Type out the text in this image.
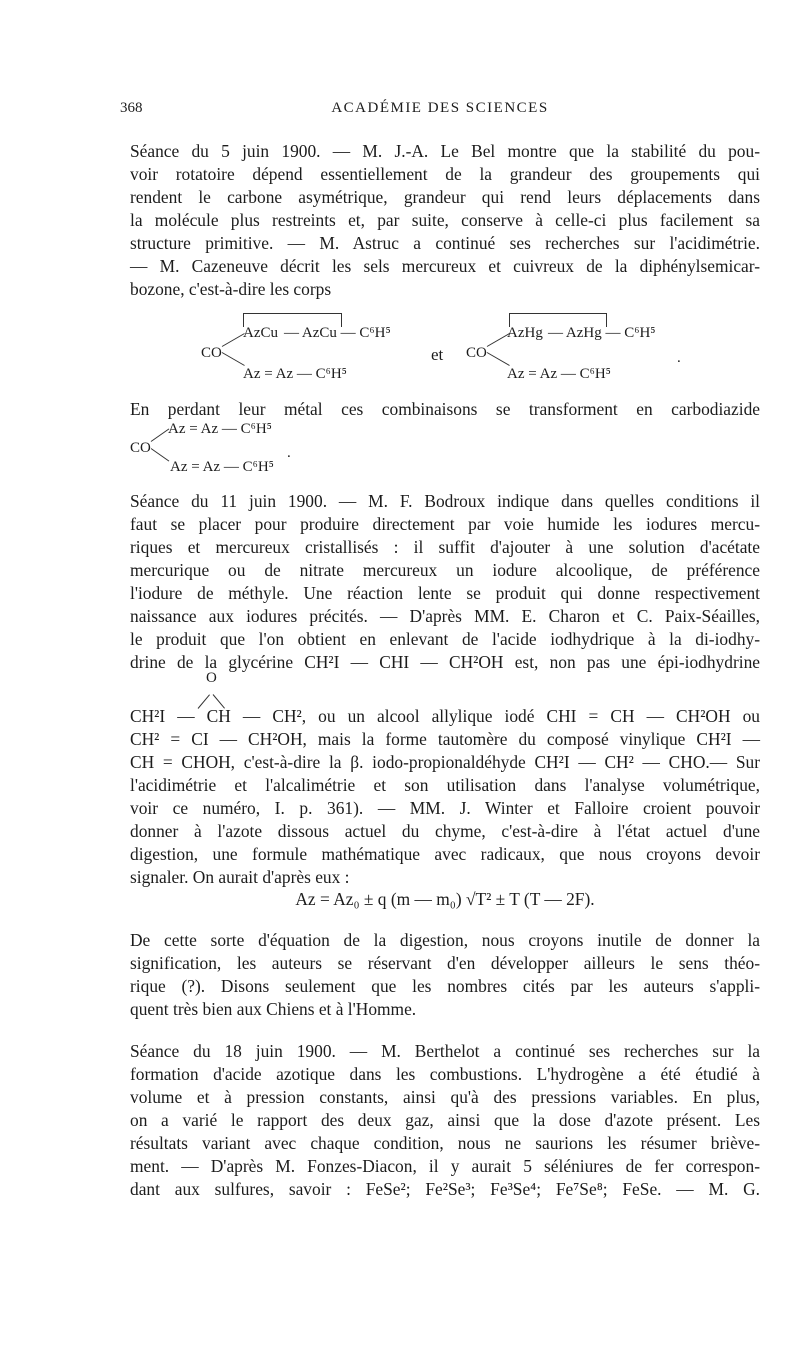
368	ACADÉMIE DES SCIENCES
Séance du 5 juin 1900. — M. J.-A. Le Bel montre que la stabilité du pou-
voir rotatoire dépend essentiellement de la grandeur des groupements qui
rendent le carbone asymétrique, grandeur qui rend leurs déplacements dans
la molécule plus restreints et, par suite, conserve à celle-ci plus facilement sa
structure primitive. — M. Astruc a continué ses recherches sur l'acidimétrie.
— M. Cazeneuve décrit les sels mercureux et cuivreux de la diphénylsemicar-
bozone, c'est-à-dire les corps
CO
AzCu — AzCu — C⁶H⁵
Az = Az — C⁶H⁵
et CO
AzHg — AzHg — C⁶H⁵
Az = Az — C⁶H⁵
.
En perdant leur métal ces combinaisons se transforment en carbodiazide
CO
Az = Az — C⁶H⁵
Az = Az — C⁶H⁵
.
Séance du 11 juin 1900. — M. F. Bodroux indique dans quelles conditions il
faut se placer pour produire directement par voie humide les iodures mercu-
riques et mercureux cristallisés : il suffit d'ajouter à une solution d'acétate
mercurique ou de nitrate mercureux un iodure alcoolique, de préférence
l'iodure de méthyle. Une réaction lente se produit qui donne respectivement
naissance aux iodures précités. — D'après MM. E. Charon et C. Paix-Séailles,
le produit que l'on obtient en enlevant de l'acide iodhydrique à la di-iodhy-
drine de la glycérine CH²I — CHI — CH²OH est, non pas une épi-iodhydrine
O
CH²I — CH — CH², ou un alcool allylique iodé CHI = CH — CH²OH ou
CH² = CI — CH²OH, mais la forme tautomère du composé vinylique CH²I —
CH = CHOH, c'est-à-dire la β. iodo-propionaldéhyde CH²I — CH² — CHO.— Sur
l'acidimétrie et l'alcalimétrie et son utilisation dans l'analyse volumétrique,
voir ce numéro, I. p. 361). — MM. J. Winter et Falloire croient pouvoir
donner à l'azote dissous actuel du chyme, c'est-à-dire à l'état actuel d'une
digestion, une formule mathématique avec radicaux, que nous croyons devoir
signaler. On aurait d'après eux :
Az = Az₀ ± q (m — m₀) √T² ± T (T — 2F).
De cette sorte d'équation de la digestion, nous croyons inutile de donner la
signification, les auteurs se réservant d'en développer ailleurs le sens théo-
rique (?). Disons seulement que les nombres cités par les auteurs s'appli-
quent très bien aux Chiens et à l'Homme.
Séance du 18 juin 1900. — M. Berthelot a continué ses recherches sur la
formation d'acide azotique dans les combustions. L'hydrogène a été étudié à
volume et à pression constants, ainsi qu'à des pressions variables. En plus,
on a varié le rapport des deux gaz, ainsi que la dose d'azote présent. Les
résultats variant avec chaque condition, nous ne saurions les résumer briève-
ment. — D'après M. Fonzes-Diacon, il y aurait 5 séléniures de fer correspon-
dant aux sulfures, savoir : FeSe²; Fe²Se³; Fe³Se⁴; Fe⁷Se⁸; FeSe. — M. G.
